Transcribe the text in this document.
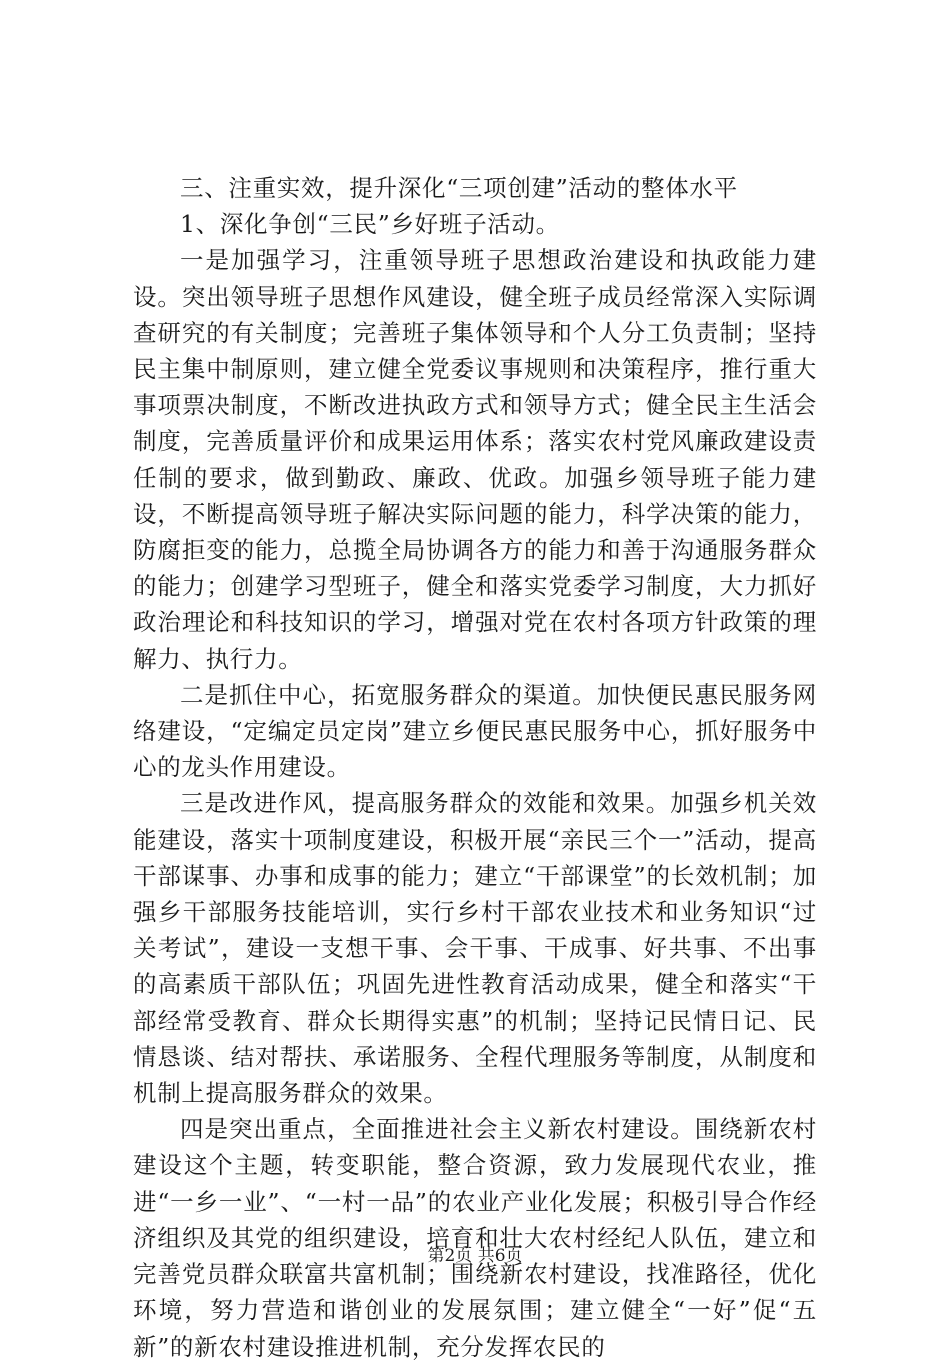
三、注重实效，提升深化“三项创建”活动的整体水平

1、深化争创“三民”乡好班子活动。

一是加强学习，注重领导班子思想政治建设和执政能力建设。突出领导班子思想作风建设，健全班子成员经常深入实际调查研究的有关制度；完善班子集体领导和个人分工负责制；坚持民主集中制原则，建立健全党委议事规则和决策程序，推行重大事项票决制度，不断改进执政方式和领导方式；健全民主生活会制度，完善质量评价和成果运用体系；落实农村党风廉政建设责任制的要求，做到勤政、廉政、优政。加强乡领导班子能力建设，不断提高领导班子解决实际问题的能力，科学决策的能力，防腐拒变的能力，总揽全局协调各方的能力和善于沟通服务群众的能力；创建学习型班子，健全和落实党委学习制度，大力抓好政治理论和科技知识的学习，增强对党在农村各项方针政策的理解力、执行力。

二是抓住中心，拓宽服务群众的渠道。加快便民惠民服务网络建设，“定编定员定岗”建立乡便民惠民服务中心，抓好服务中心的龙头作用建设。

三是改进作风，提高服务群众的效能和效果。加强乡机关效能建设，落实十项制度建设，积极开展“亲民三个一”活动，提高干部谋事、办事和成事的能力；建立“干部课堂”的长效机制；加强乡干部服务技能培训，实行乡村干部农业技术和业务知识“过关考试”，建设一支想干事、会干事、干成事、好共事、不出事的高素质干部队伍；巩固先进性教育活动成果，健全和落实“干部经常受教育、群众长期得实惠”的机制；坚持记民情日记、民情恳谈、结对帮扶、承诺服务、全程代理服务等制度，从制度和机制上提高服务群众的效果。

四是突出重点，全面推进社会主义新农村建设。围绕新农村建设这个主题，转变职能，整合资源，致力发展现代农业，推进“一乡一业”、“一村一品”的农业产业化发展；积极引导合作经济组织及其党的组织建设，培育和壮大农村经纪人队伍，建立和完善党员群众联富共富机制；围绕新农村建设，找准路径，优化环境，努力营造和谐创业的发展氛围；建立健全“一好”促“五新”的新农村建设推进机制，充分发挥农民的

第2页 共6页
